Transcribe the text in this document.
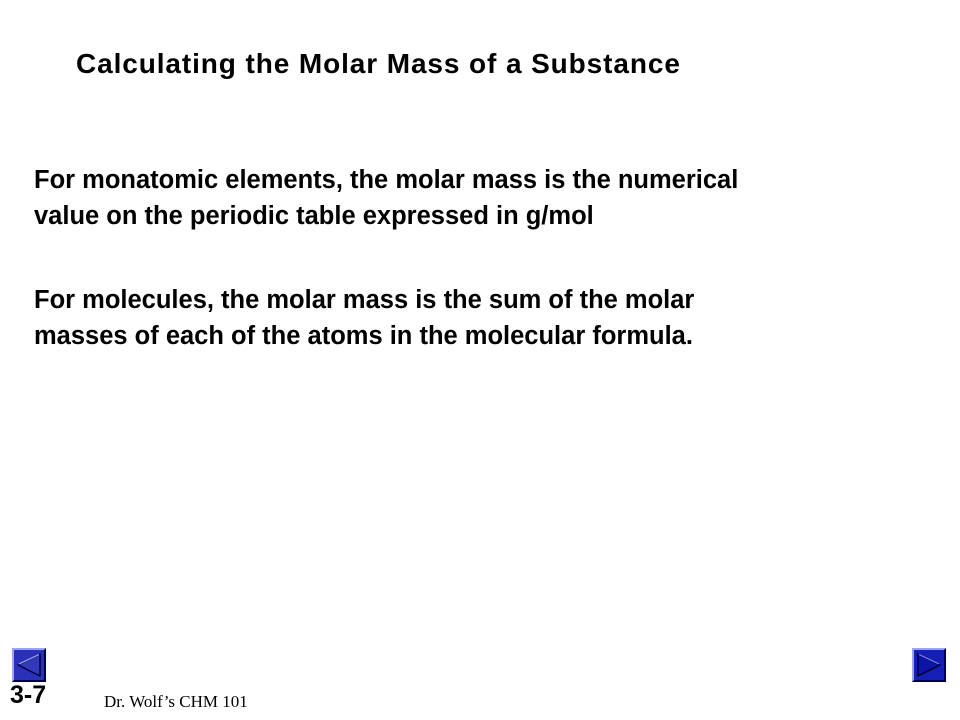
Calculating the Molar Mass of a Substance
For monatomic elements, the molar mass is the numerical
value on the periodic table expressed in g/mol
For molecules, the molar mass is the sum of the molar
masses of each of the atoms in the molecular formula.
3-7	Dr. Wolf’s CHM 101
